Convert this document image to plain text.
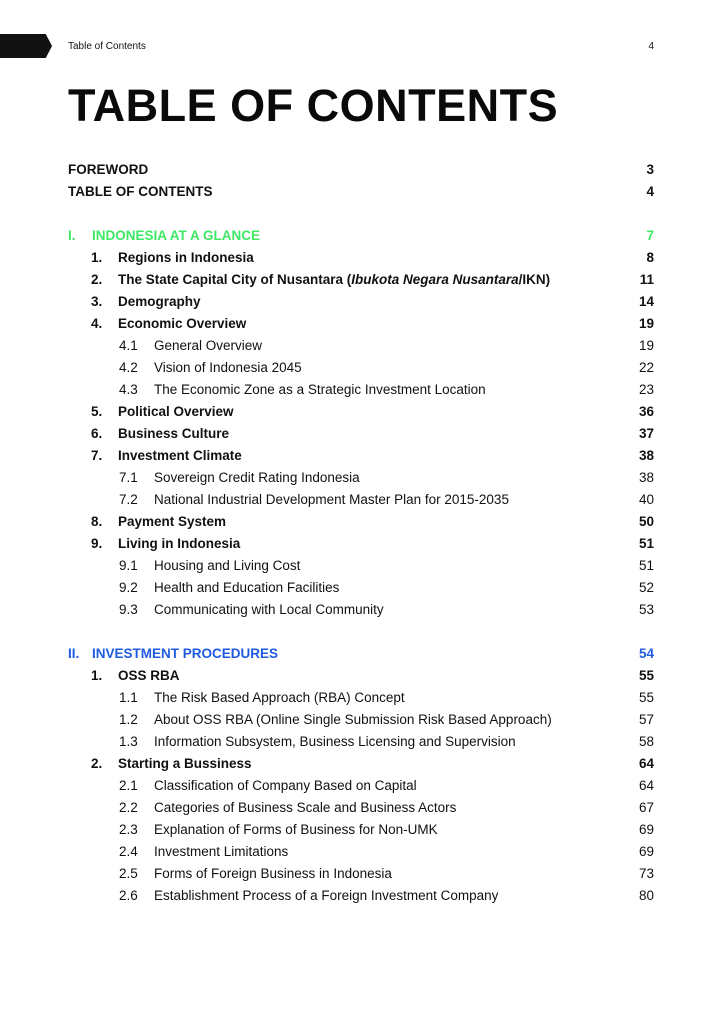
Table of Contents	4
TABLE OF CONTENTS
FOREWORD	3
TABLE OF CONTENTS	4
I. INDONESIA AT A GLANCE	7
1. Regions in Indonesia	8
2. The State Capital City of Nusantara (Ibukota Negara Nusantara/IKN)	11
3. Demography	14
4. Economic Overview	19
4.1 General Overview	19
4.2 Vision of Indonesia 2045	22
4.3 The Economic Zone as a Strategic Investment Location	23
5. Political Overview	36
6. Business Culture	37
7. Investment Climate	38
7.1 Sovereign Credit Rating Indonesia	38
7.2 National Industrial Development Master Plan for 2015-2035	40
8. Payment System	50
9. Living in Indonesia	51
9.1 Housing and Living Cost	51
9.2 Health and Education Facilities	52
9.3 Communicating with Local Community	53
II. INVESTMENT PROCEDURES	54
1. OSS RBA	55
1.1 The Risk Based Approach (RBA) Concept	55
1.2 About OSS RBA (Online Single Submission Risk Based Approach)	57
1.3 Information Subsystem, Business Licensing and Supervision	58
2. Starting a Bussiness	64
2.1 Classification of Company Based on Capital	64
2.2 Categories of Business Scale and Business Actors	67
2.3 Explanation of Forms of Business for Non-UMK	69
2.4 Investment Limitations	69
2.5 Forms of Foreign Business in Indonesia	73
2.6 Establishment Process of a Foreign Investment Company	80
